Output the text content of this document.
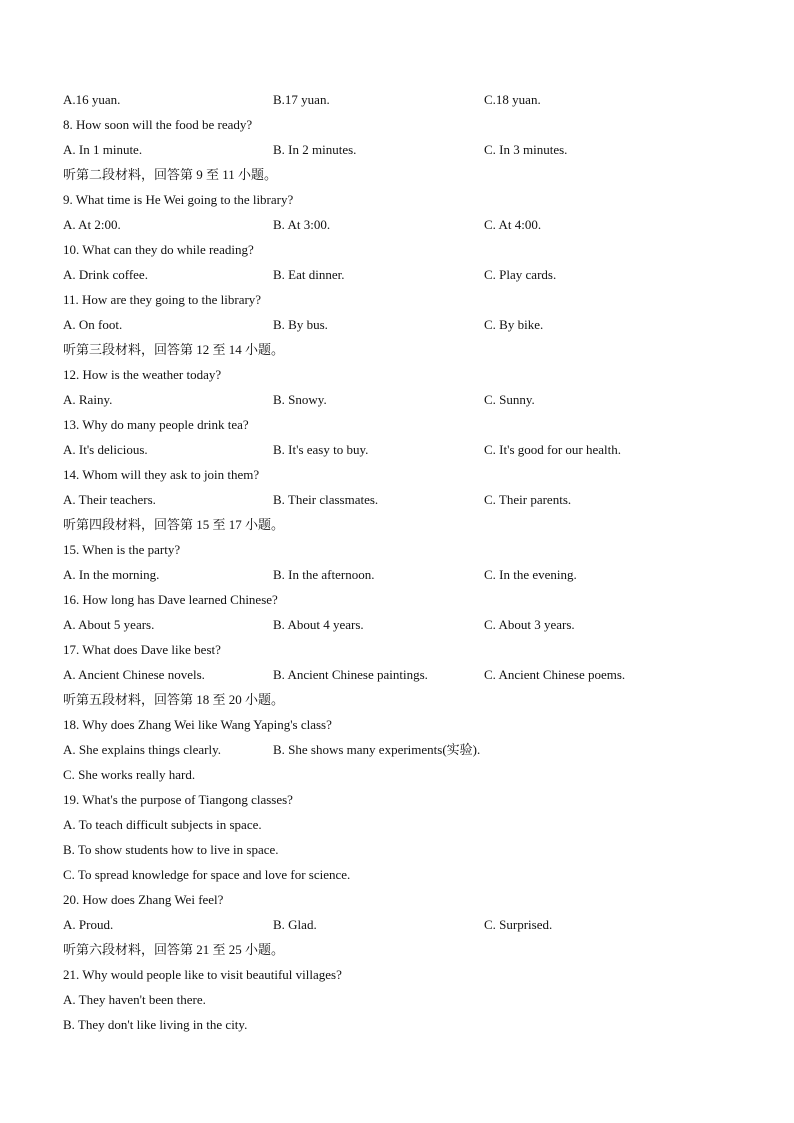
A.16 yuan.	B.17 yuan.	C.18 yuan.
8. How soon will the food be ready?
A. In 1 minute.	B. In 2 minutes.	C. In 3 minutes.
听第二段材料，回答第 9 至 11 小题。
9. What time is He Wei going to the library?
A. At 2:00.	B. At 3:00.	C. At 4:00.
10. What can they do while reading?
A. Drink coffee.	B. Eat dinner.	C. Play cards.
11. How are they going to the library?
A. On foot.	B. By bus.	C. By bike.
听第三段材料，回答第 12 至 14 小题。
12. How is the weather today?
A. Rainy.	B. Snowy.	C. Sunny.
13. Why do many people drink tea?
A. It's delicious.	B. It's easy to buy.	C. It's good for our health.
14. Whom will they ask to join them?
A. Their teachers.	B. Their classmates.	C. Their parents.
听第四段材料，回答第 15 至 17 小题。
15. When is the party?
A. In the morning.	B. In the afternoon.	C. In the evening.
16. How long has Dave learned Chinese?
A. About 5 years.	B. About 4 years.	C. About 3 years.
17. What does Dave like best?
A. Ancient Chinese novels.	B. Ancient Chinese paintings.	C. Ancient Chinese poems.
听第五段材料，回答第 18 至 20 小题。
18. Why does Zhang Wei like Wang Yaping's class?
A. She explains things clearly.	B. She shows many experiments(实验).
C. She works really hard.
19. What's the purpose of Tiangong classes?
A. To teach difficult subjects in space.
B. To show students how to live in space.
C. To spread knowledge for space and love for science.
20. How does Zhang Wei feel?
A. Proud.	B. Glad.	C. Surprised.
听第六段材料，回答第 21 至 25 小题。
21. Why would people like to visit beautiful villages?
A. They haven't been there.
B. They don't like living in the city.
